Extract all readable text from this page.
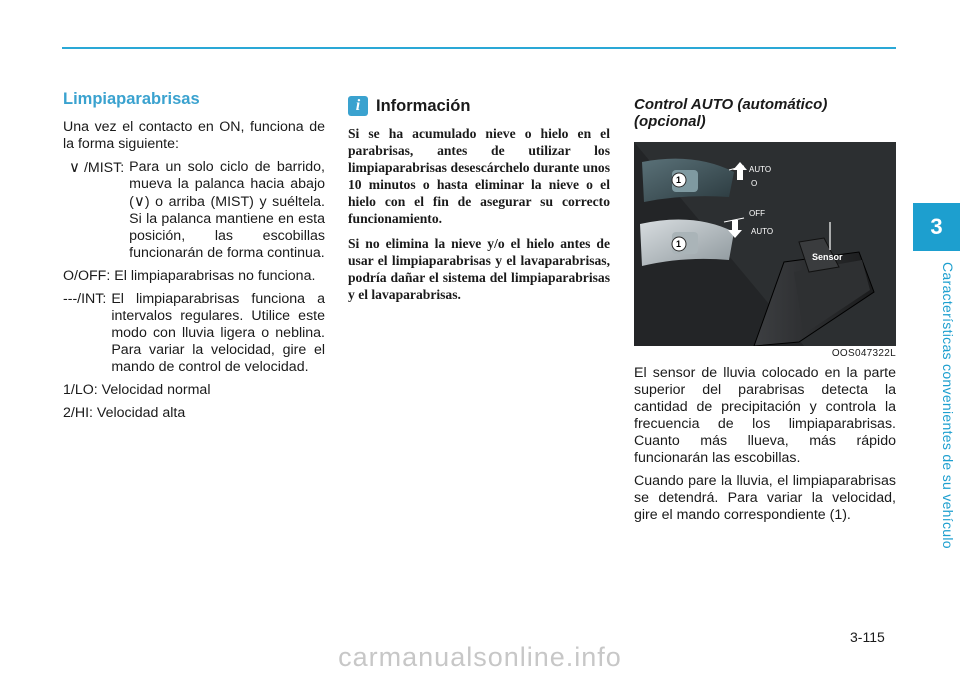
Limpiaparabrisas

Una vez el contacto en ON, funciona de la forma siguiente:

∨ /MIST: Para un solo ciclo de barrido, mueva la palanca hacia abajo (∨) o arriba (MIST) y suéltela. Si la palanca mantiene en esta posición, las escobillas funcionarán de forma continua.
O/OFF: El limpiaparabrisas no funciona.
---/INT: El limpiaparabrisas funciona a intervalos regulares. Utilice este modo con lluvia ligera o neblina. Para variar la velocidad, gire el mando de control de velocidad.

1/LO: Velocidad normal

2/HI: Velocidad alta

i Información

Si se ha acumulado nieve o hielo en el parabrisas, antes de utilizar los limpiaparabrisas desescárchelo durante unos 10 minutos o hasta eliminar la nieve o el hielo con el fin de asegurar su correcto funcionamiento.

Si no elimina la nieve y/o el hielo antes de usar el limpiaparabrisas y el lavaparabrisas, podría dañar el sistema del limpiaparabrisas y el lavaparabrisas.

Control AUTO (automático) (opcional)
AUTO
O
OFF
AUTO
1
1
Sensor
OOS047322L

El sensor de lluvia colocado en la parte superior del parabrisas detecta la cantidad de precipitación y controla la frecuencia de los limpiaparabrisas. Cuanto más llueva, más rápido funcionarán las escobillas.

Cuando pare la lluvia, el limpiaparabrisas se detendrá. Para variar la velocidad, gire el mando correspondiente (1).

3
Características convenientes de su vehículo
3-115
carmanualsonline.info
